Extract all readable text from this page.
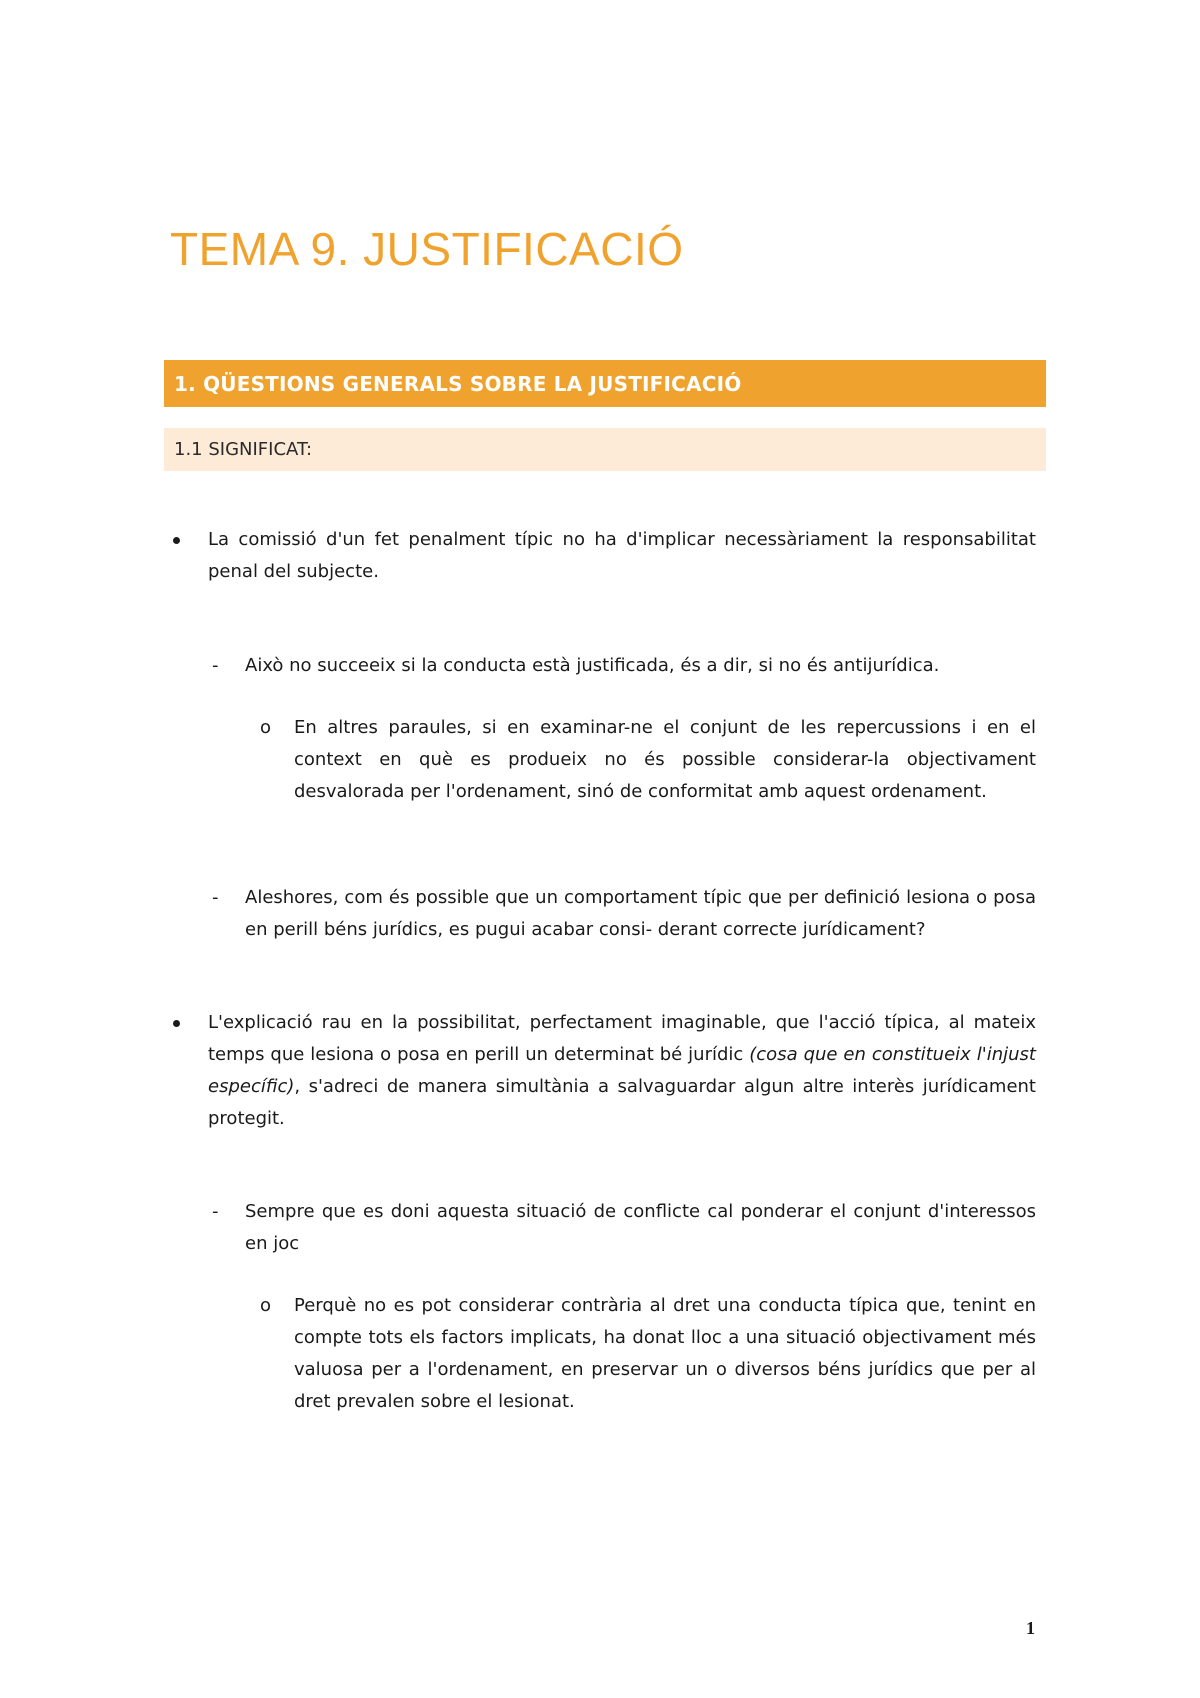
TEMA 9. JUSTIFICACIÓ
1. QÜESTIONS GENERALS SOBRE LA JUSTIFICACIÓ
1.1 SIGNIFICAT:

La comissió d'un fet penalment típic no ha d'implicar necessàriament la responsabilitat penal del subjecte.

- Això no succeeix si la conducta està justificada, és a dir, si no és antijurídica.

o En altres paraules, si en examinar-ne el conjunt de les repercussions i en el context en què es produeix no és possible considerar-la objectivament desvalorada per l'ordenament, sinó de conformitat amb aquest ordenament.

- Aleshores, com és possible que un comportament típic que per definició lesiona o posa en perill béns jurídics, es pugui acabar consi- derant correcte jurídicament?

L'explicació rau en la possibilitat, perfectament imaginable, que l'acció típica, al mateix temps que lesiona o posa en perill un determinat bé jurídic (cosa que en constitueix l'injust específic), s'adreci de manera simultània a salvaguardar algun altre interès jurídicament protegit.

- Sempre que es doni aquesta situació de conflicte cal ponderar el conjunt d'interessos en joc

o Perquè no es pot considerar contrària al dret una conducta típica que, tenint en compte tots els factors implicats, ha donat lloc a una situació objectivament més valuosa per a l'ordenament, en preservar un o diversos béns jurídics que per al dret prevalen sobre el lesionat.

1
